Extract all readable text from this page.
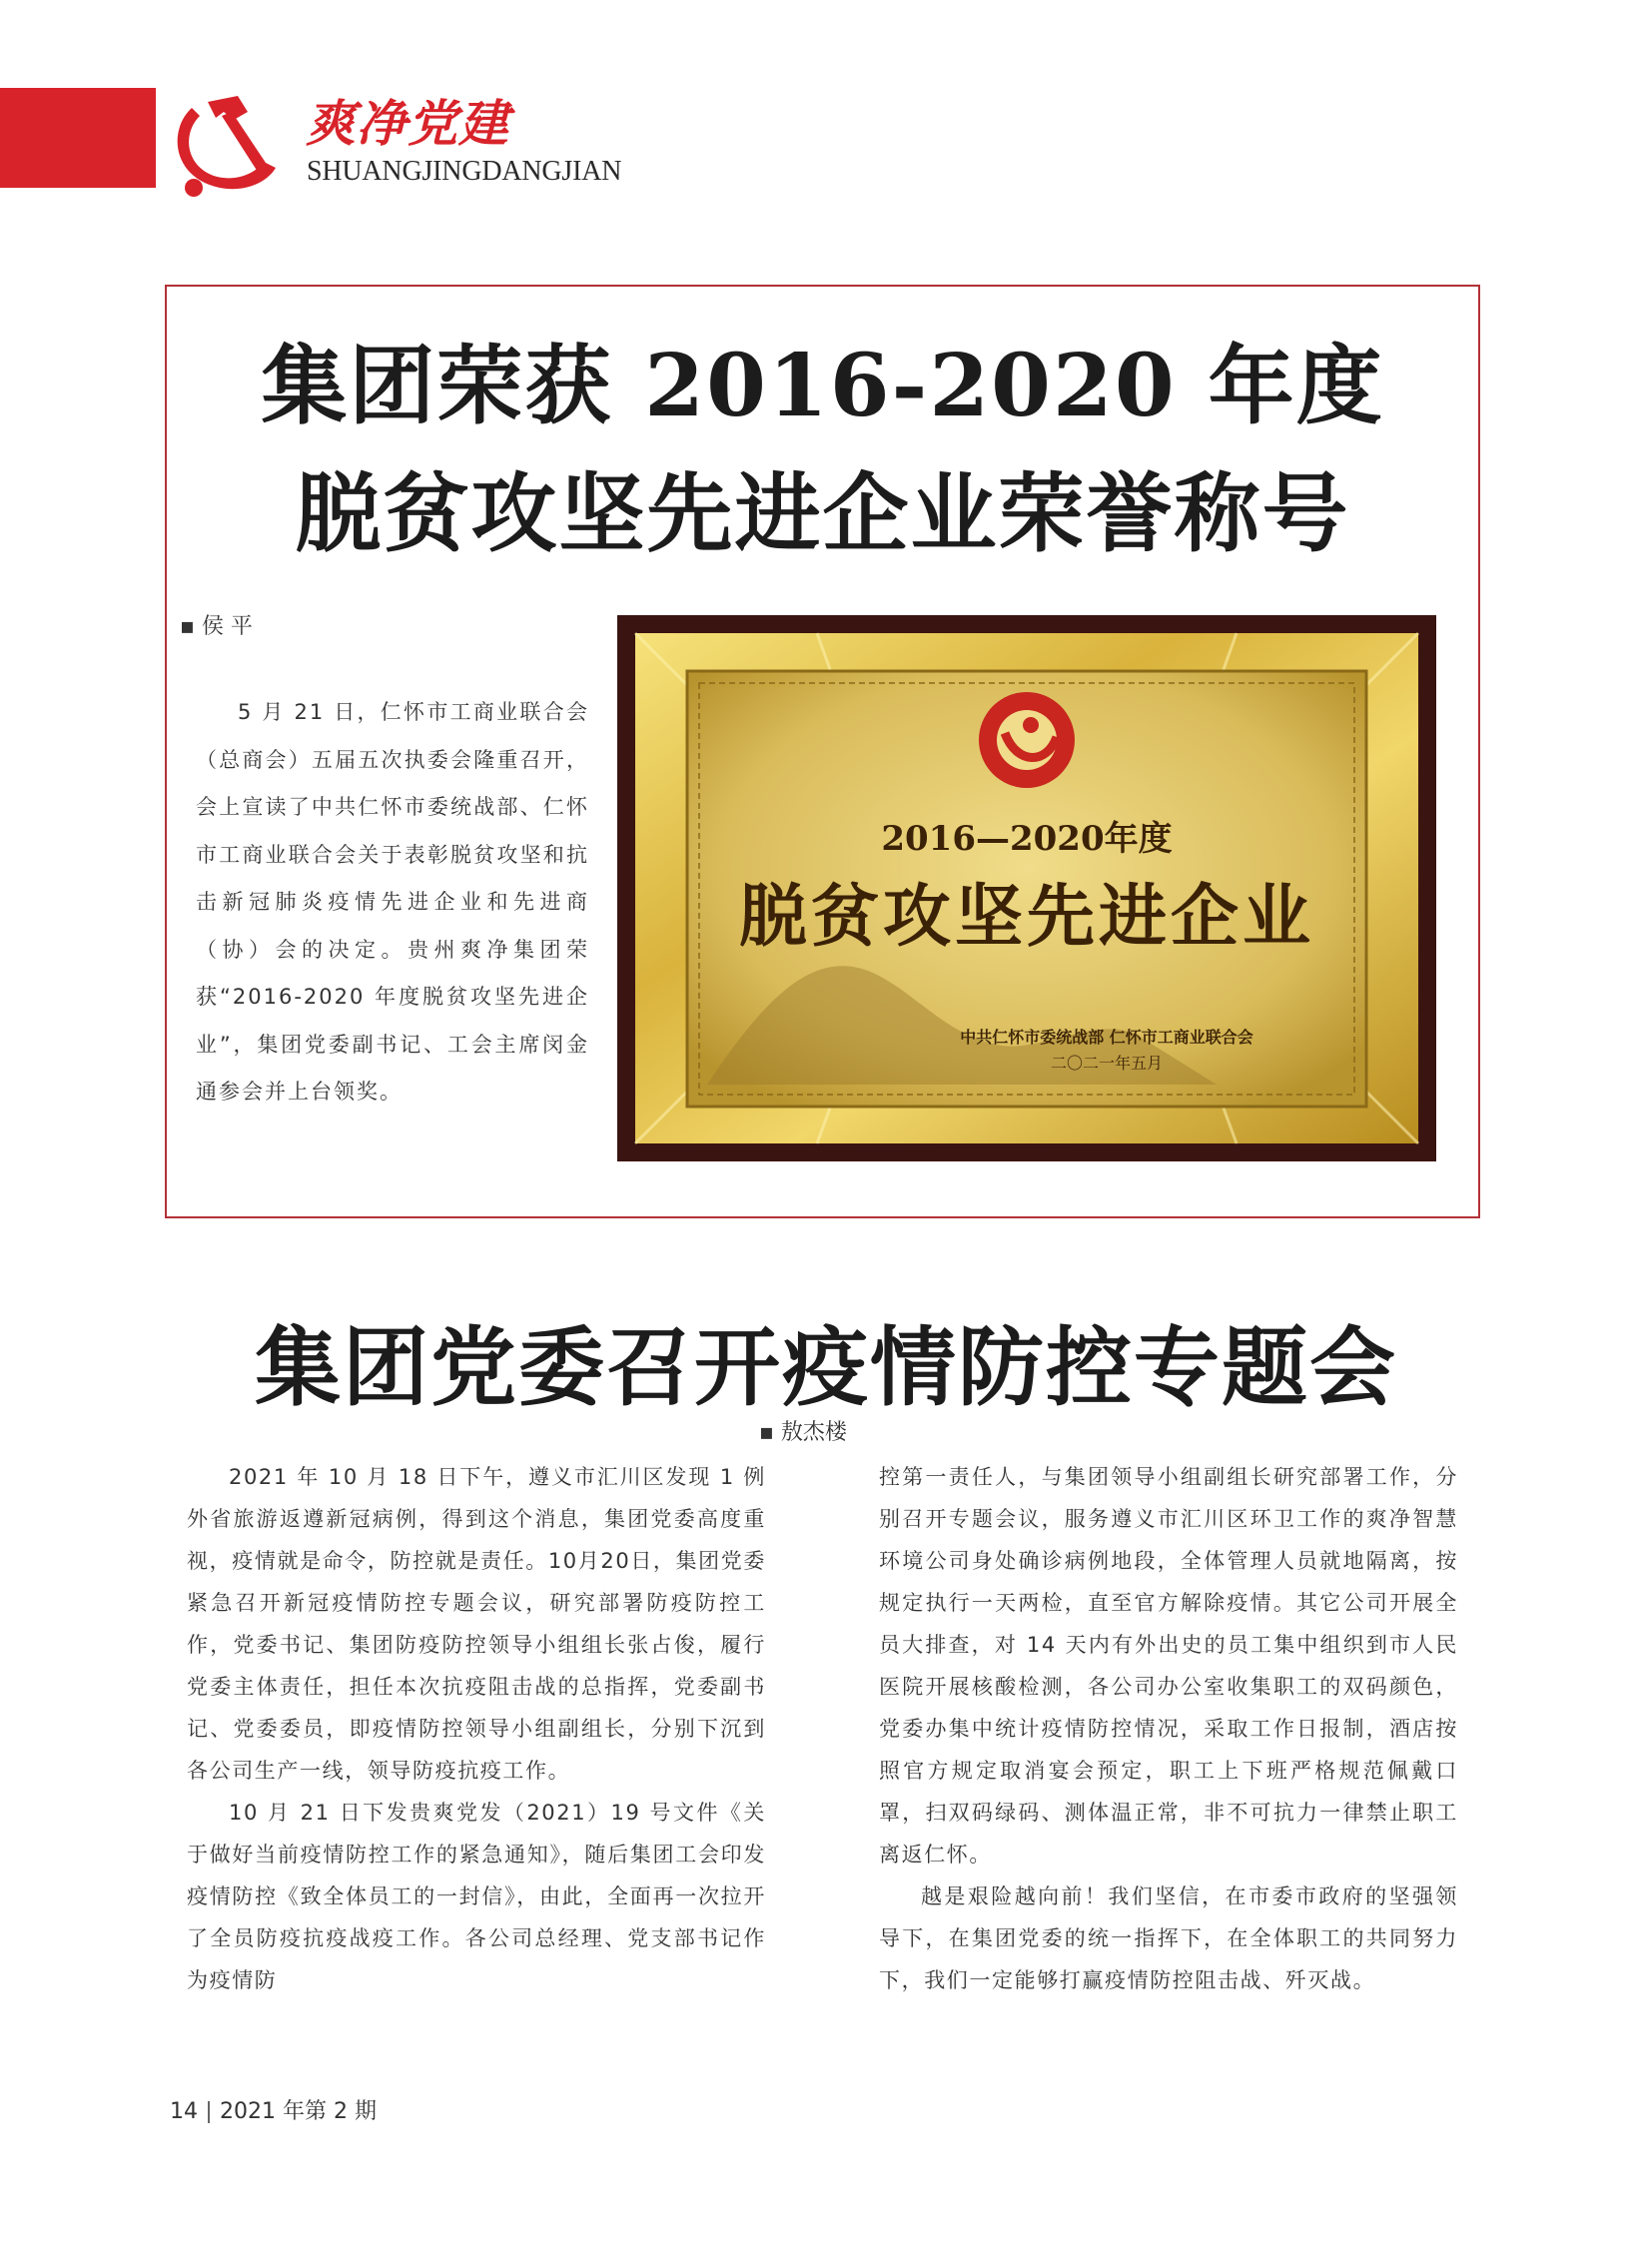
爽净党建
SHUANGJINGDANGJIAN
集团荣获 2016-2020 年度
脱贫攻坚先进企业荣誉称号
▪ 侯 平
5 月 21 日，仁怀市工商业联合会（总商会）五届五次执委会隆重召开，会上宣读了中共仁怀市委统战部、仁怀市工商业联合会关于表彰脱贫攻坚和抗击新冠肺炎疫情先进企业和先进商（协）会的决定。贵州爽净集团荣获“2016-2020 年度脱贫攻坚先进企业”，集团党委副书记、工会主席闵金通参会并上台领奖。
2016—2020年度
脱贫攻坚先进企业
中共仁怀市委统战部 仁怀市工商业联合会
二〇二一年五月
集团党委召开疫情防控专题会
▪ 敖杰楼

2021 年 10 月 18 日下午，遵义市汇川区发现 1 例外省旅游返遵新冠病例，得到这个消息，集团党委高度重视，疫情就是命令，防控就是责任。10月20日，集团党委紧急召开新冠疫情防控专题会议，研究部署防疫防控工作，党委书记、集团防疫防控领导小组组长张占俊，履行党委主体责任，担任本次抗疫阻击战的总指挥，党委副书记、党委委员，即疫情防控领导小组副组长，分别下沉到各公司生产一线，领导防疫抗疫工作。

10 月 21 日下发贵爽党发（2021）19 号文件《关于做好当前疫情防控工作的紧急通知》，随后集团工会印发疫情防控《致全体员工的一封信》，由此，全面再一次拉开了全员防疫抗疫战疫工作。各公司总经理、党支部书记作为疫情防

控第一责任人，与集团领导小组副组长研究部署工作，分别召开专题会议，服务遵义市汇川区环卫工作的爽净智慧环境公司身处确诊病例地段，全体管理人员就地隔离，按规定执行一天两检，直至官方解除疫情。其它公司开展全员大排查，对 14 天内有外出史的员工集中组织到市人民医院开展核酸检测，各公司办公室收集职工的双码颜色，党委办集中统计疫情防控情况，采取工作日报制，酒店按照官方规定取消宴会预定，职工上下班严格规范佩戴口罩，扫双码绿码、测体温正常，非不可抗力一律禁止职工离返仁怀。

越是艰险越向前！我们坚信，在市委市政府的坚强领导下，在集团党委的统一指挥下，在全体职工的共同努力下，我们一定能够打赢疫情防控阻击战、歼灭战。

14 2021 年第 2 期
